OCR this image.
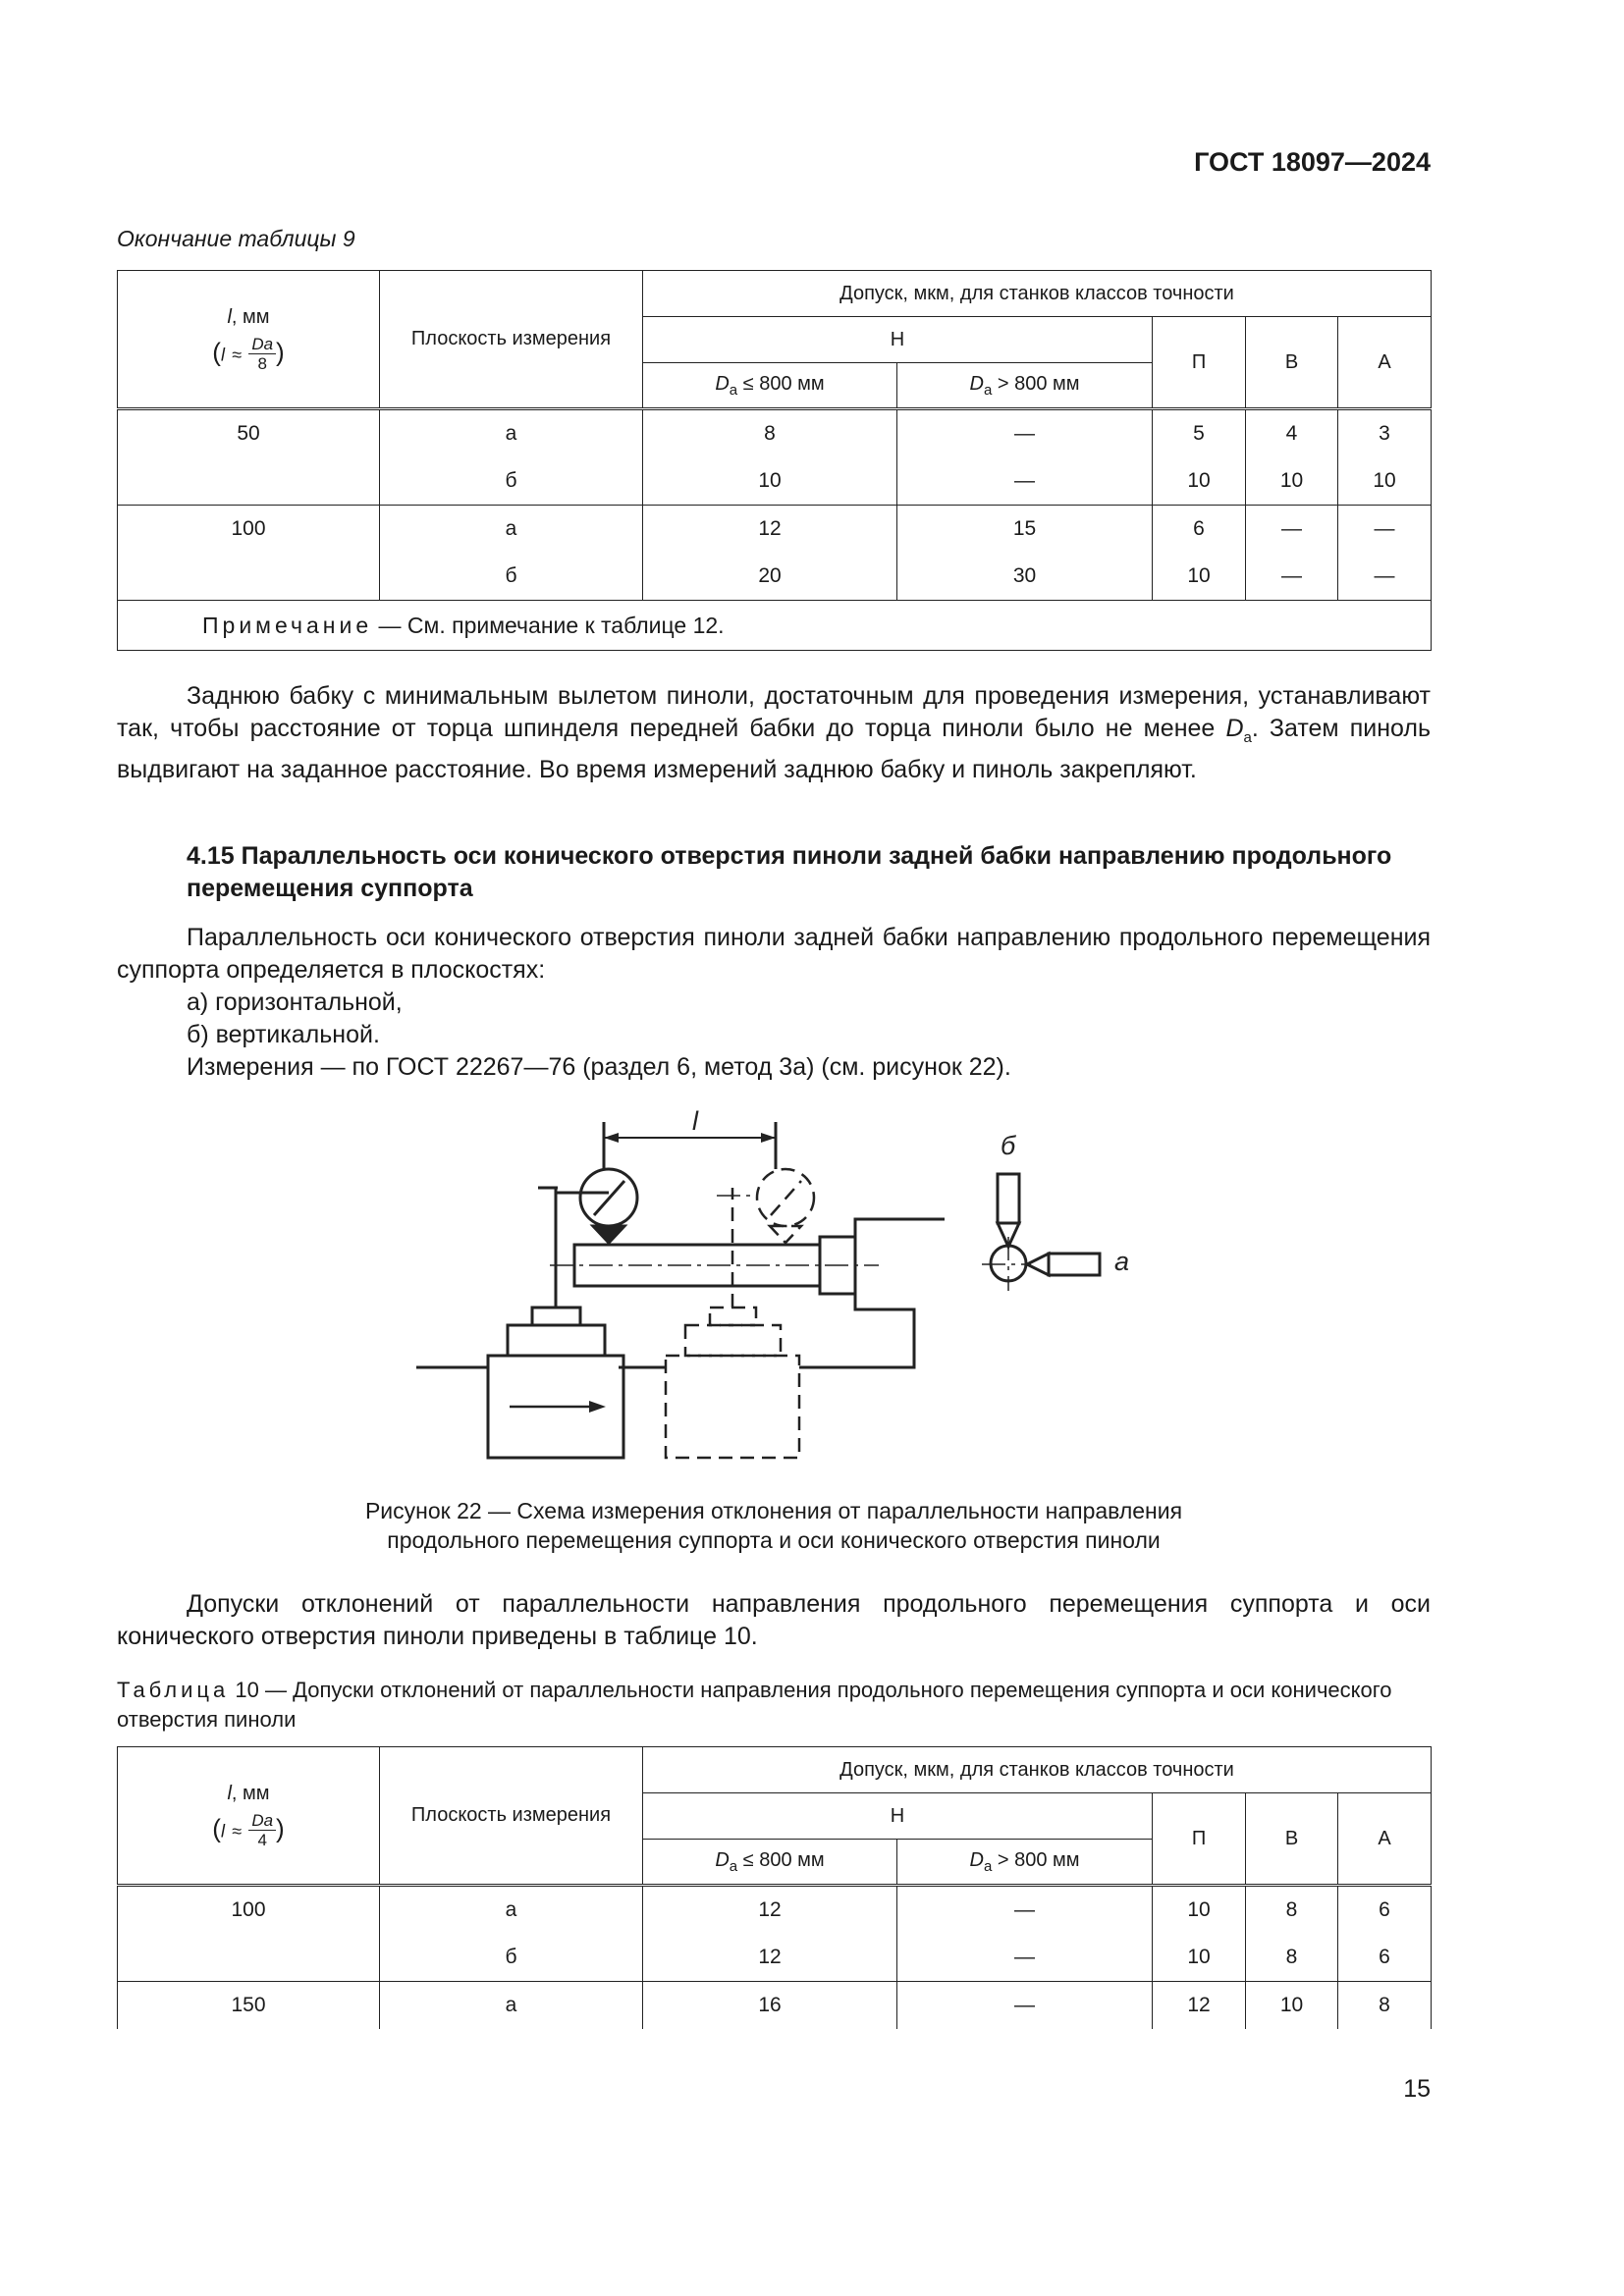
ГОСТ 18097—2024
Окончание таблицы 9
l, мм
($l \approx \frac{Da}{8}$ )	Плоскость измерения	Допуск, мкм, для станков классов точности				
		Н		П	В	А
		$D_a \le 800$ мм	$D_a > 800$ мм			
50	а	8	—	5	4	3
	б	10	—	10	10	10
100	а	12	15	6	—	—
	б	20	30	10	—	—
Примечание — См. примечание к таблице 12.						
Заднюю бабку с минимальным вылетом пиноли, достаточным для проведения измерения, устанавливают так, чтобы расстояние от торца шпинделя передней бабки до торца пиноли было не менее $D_a$. Затем пиноль выдвигают на заданное расстояние. Во время измерений заднюю бабку и пиноль закрепляют.
4.15 Параллельность оси конического отверстия пиноли задней бабки направлению продольного перемещения суппорта
Параллельность оси конического отверстия пиноли задней бабки направлению продольного перемещения суппорта определяется в плоскостях:
а) горизонтальной,
б) вертикальной.
Измерения — по ГОСТ 22267—76 (раздел 6, метод 3а) (см. рисунок 22).
l
б
а
Рисунок 22 — Схема измерения отклонения от параллельности направления
продольного перемещения суппорта и оси конического отверстия пиноли
Допуски отклонений от параллельности направления продольного перемещения суппорта и оси конического отверстия пиноли приведены в таблице 10.
Таблица 10 — Допуски отклонений от параллельности направления продольного перемещения суппорта и оси конического отверстия пиноли
l, мм
($l \approx \frac{Da}{4}$ )	Плоскость измерения	Допуск, мкм, для станков классов точности				
		Н		П	В	А
		$D_a \le 800$ мм	$D_a > 800$ мм			
100	а	12	—	10	8	6
	б	12	—	10	8	6
150	а	16	—	12	10	8
15
